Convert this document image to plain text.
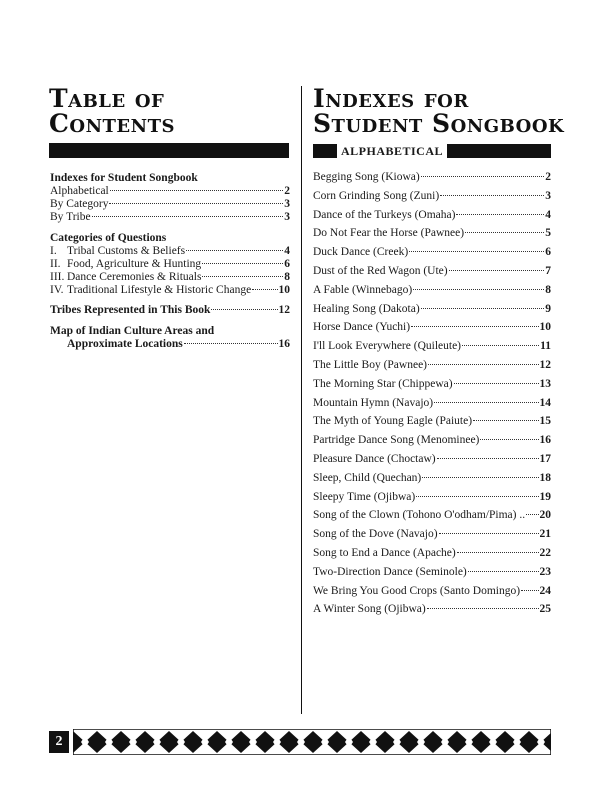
Table of
Contents
Indexes for
Student Songbook
ALPHABETICAL
Indexes for Student Songbook
Alphabetical	2
By Category	3
By Tribe	3
Categories of Questions
I. Tribal Customs & Beliefs	4
II. Food, Agriculture & Hunting	6
III. Dance Ceremonies & Rituals	8
IV. Traditional Lifestyle & Historic Change 10
Tribes Represented in This Book	12
Map of Indian Culture Areas and
Approximate Locations	16
Begging Song (Kiowa)	2
Corn Grinding Song (Zuni)	3
Dance of the Turkeys (Omaha)	4
Do Not Fear the Horse (Pawnee)	5
Duck Dance (Creek)	6
Dust of the Red Wagon (Ute)	7
A Fable (Winnebago)	8
Healing Song (Dakota)	9
Horse Dance (Yuchi)	10
I'll Look Everywhere (Quileute)	11
The Little Boy (Pawnee)	12
The Morning Star (Chippewa)	13
Mountain Hymn (Navajo)	14
The Myth of Young Eagle (Paiute)	15
Partridge Dance Song (Menominee)	16
Pleasure Dance (Choctaw)	17
Sleep, Child (Quechan)	18
Sleepy Time (Ojibwa)	19
Song of the Clown (Tohono O'odham/Pima) .. 20
Song of the Dove (Navajo)	21
Song to End a Dance (Apache)	22
Two-Direction Dance (Seminole)	23
We Bring You Good Crops (Santo Domingo) 24
A Winter Song (Ojibwa)	25
2
